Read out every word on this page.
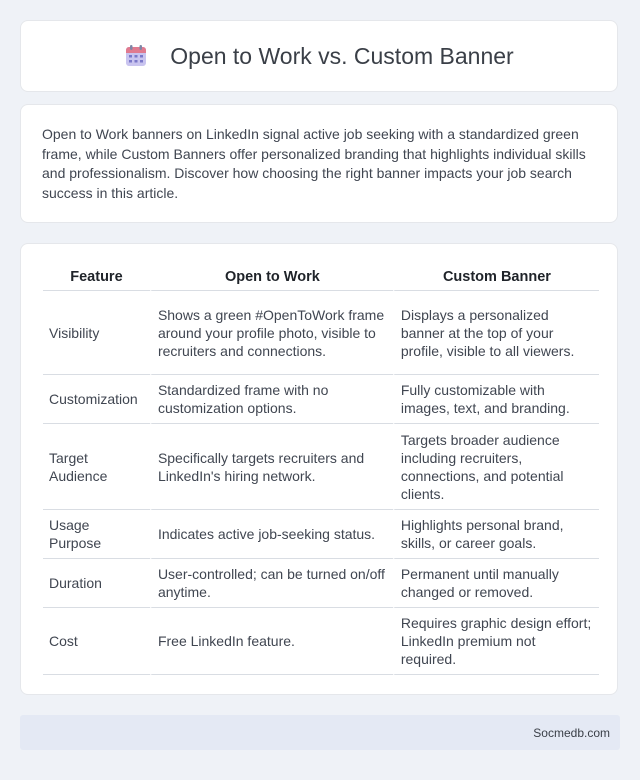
Open to Work vs. Custom Banner

Open to Work banners on LinkedIn signal active job seeking with a standardized green frame, while Custom Banners offer personalized branding that highlights individual skills and professionalism. Discover how choosing the right banner impacts your job search success in this article.

Feature	Open to Work	Custom Banner
Visibility	Shows a green #OpenToWork frame around your profile photo, visible to recruiters and connections.	Displays a personalized banner at the top of your profile, visible to all viewers.
Customization	Standardized frame with no customization options.	Fully customizable with images, text, and branding.
Target Audience	Specifically targets recruiters and LinkedIn's hiring network.	Targets broader audience including recruiters, connections, and potential clients.
Usage Purpose	Indicates active job-seeking status.	Highlights personal brand, skills, or career goals.
Duration	User-controlled; can be turned on/off anytime.	Permanent until manually changed or removed.
Cost	Free LinkedIn feature.	Requires graphic design effort; LinkedIn premium not required.
Socmedb.com
